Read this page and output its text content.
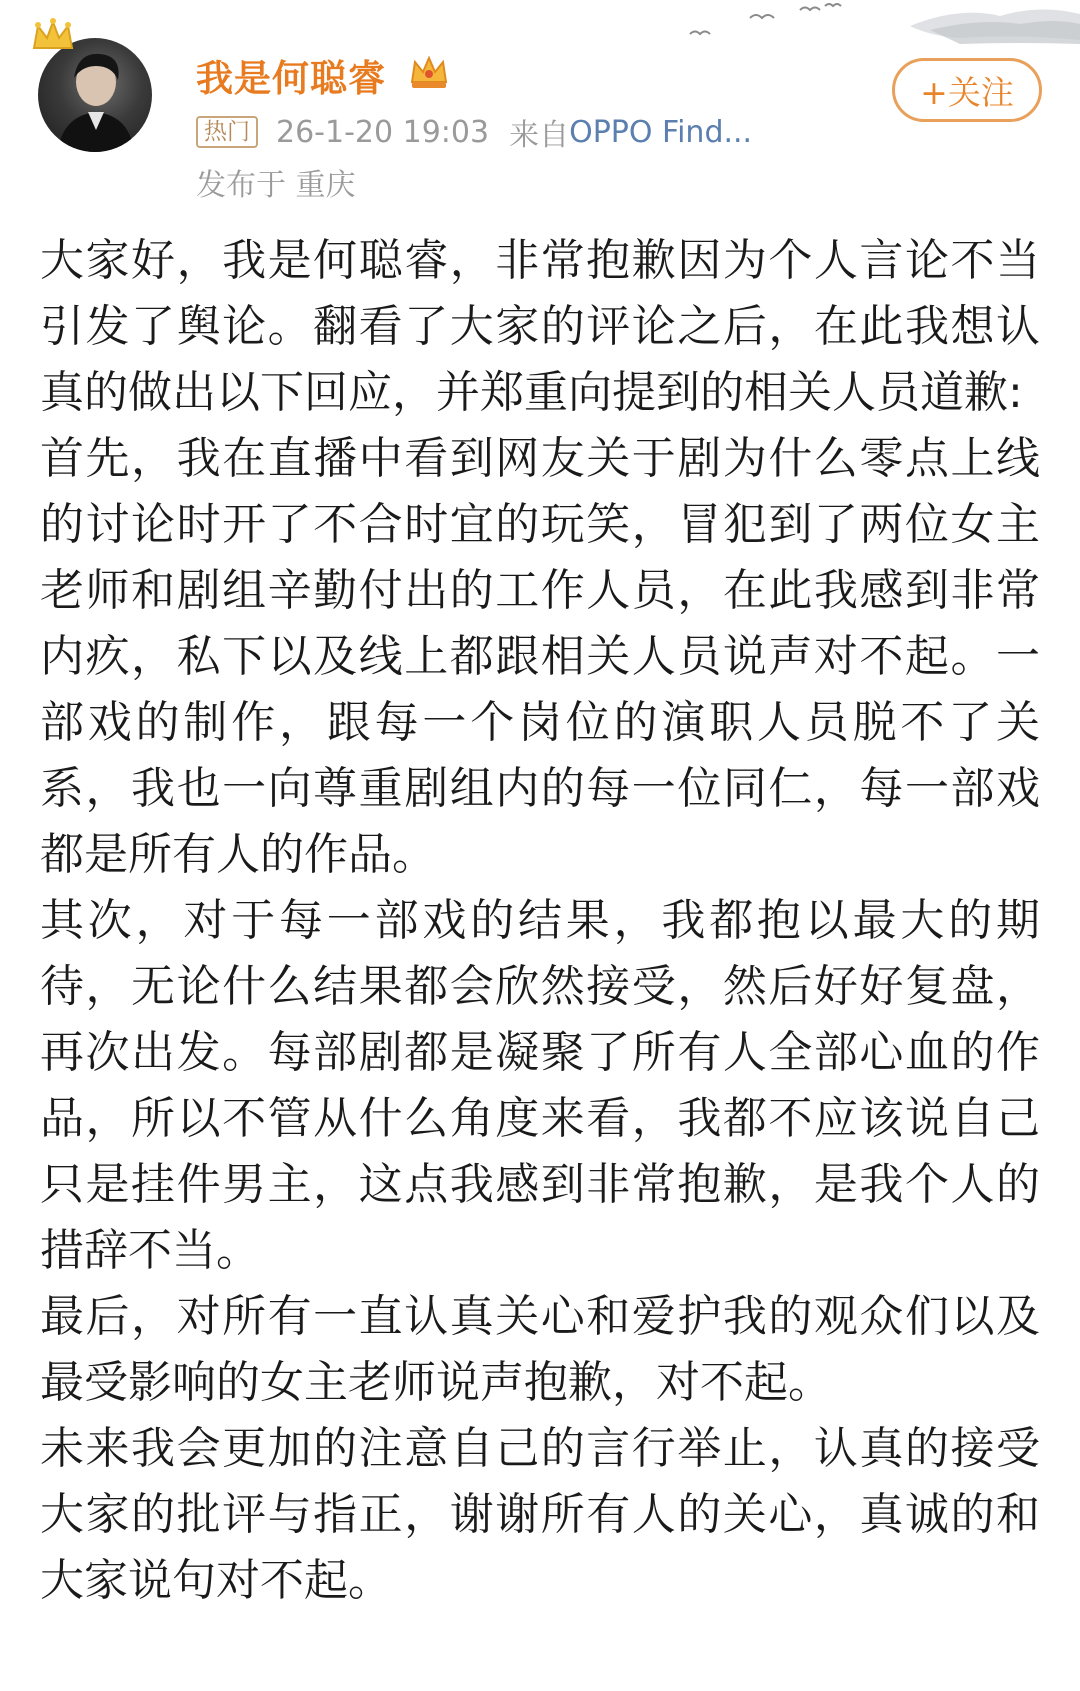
我是何聪睿
热门 26-1-20 19:03 来自 OPPO Find...
发布于 重庆
+关注

大家好，我是何聪睿，非常抱歉因为个人言论不当引发了舆论。翻看了大家的评论之后，在此我想认真的做出以下回应，并郑重向提到的相关人员道歉:

首先，我在直播中看到网友关于剧为什么零点上线的讨论时开了不合时宜的玩笑，冒犯到了两位女主老师和剧组辛勤付出的工作人员，在此我感到非常内疚，私下以及线上都跟相关人员说声对不起。一部戏的制作，跟每一个岗位的演职人员脱不了关系，我也一向尊重剧组内的每一位同仁，每一部戏都是所有人的作品。

其次，对于每一部戏的结果，我都抱以最大的期待，无论什么结果都会欣然接受，然后好好复盘，再次出发。每部剧都是凝聚了所有人全部心血的作品，所以不管从什么角度来看，我都不应该说自己只是挂件男主，这点我感到非常抱歉，是我个人的措辞不当。

最后，对所有一直认真关心和爱护我的观众们以及最受影响的女主老师说声抱歉，对不起。

未来我会更加的注意自己的言行举止，认真的接受大家的批评与指正，谢谢所有人的关心，真诚的和大家说句对不起。
